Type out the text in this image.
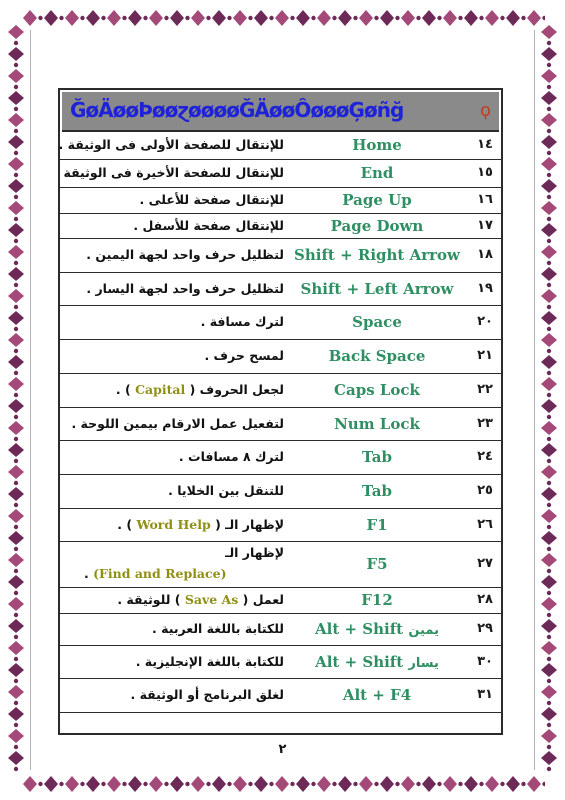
ĞøÄøøÞøøɀøøøøĞÄøøÔøøøĢøñğ	ϙ
١٤
Home
للإنتقال للصفحة الأولى فى الوثيقة .
١٥
End
للإنتقال للصفحة الأخيرة فى الوثيقة
١٦
Page Up
للإنتقال صفحة للأعلى .
١٧
Page Down
للإنتقال صفحة للأسفل .
١٨
Shift + Right Arrow
لتظليل حرف واحد لجهة اليمين .
١٩
Shift + Left Arrow
لتظليل حرف واحد لجهة اليسار .
٢٠
Space
لترك مسافة .
٢١
Back Space
لمسح حرف .
٢٢
Caps Lock
لجعل الحروف ( Capital ) .
٢٣
Num Lock
لتفعيل عمل الارقام بيمين اللوحة .
٢٤
Tab
لترك ٨ مسافات .
٢٥
Tab
للتنقل بين الخلايا .
٢٦
F1
لإظهار الـ ( Word Help ) .
٢٧
F5
لإظهار الـ
. (Find and Replace)
٢٨
F12
لعمل ( Save As ) للوثيقة .
٢٩
Alt + Shift يمين
للكتابة باللغة العربية .
٣٠
Alt + Shift يسار
للكتابة باللغة الإنجليزية .
٣١
Alt + F4
لغلق البرنامج أو الوثيقة .
٢
